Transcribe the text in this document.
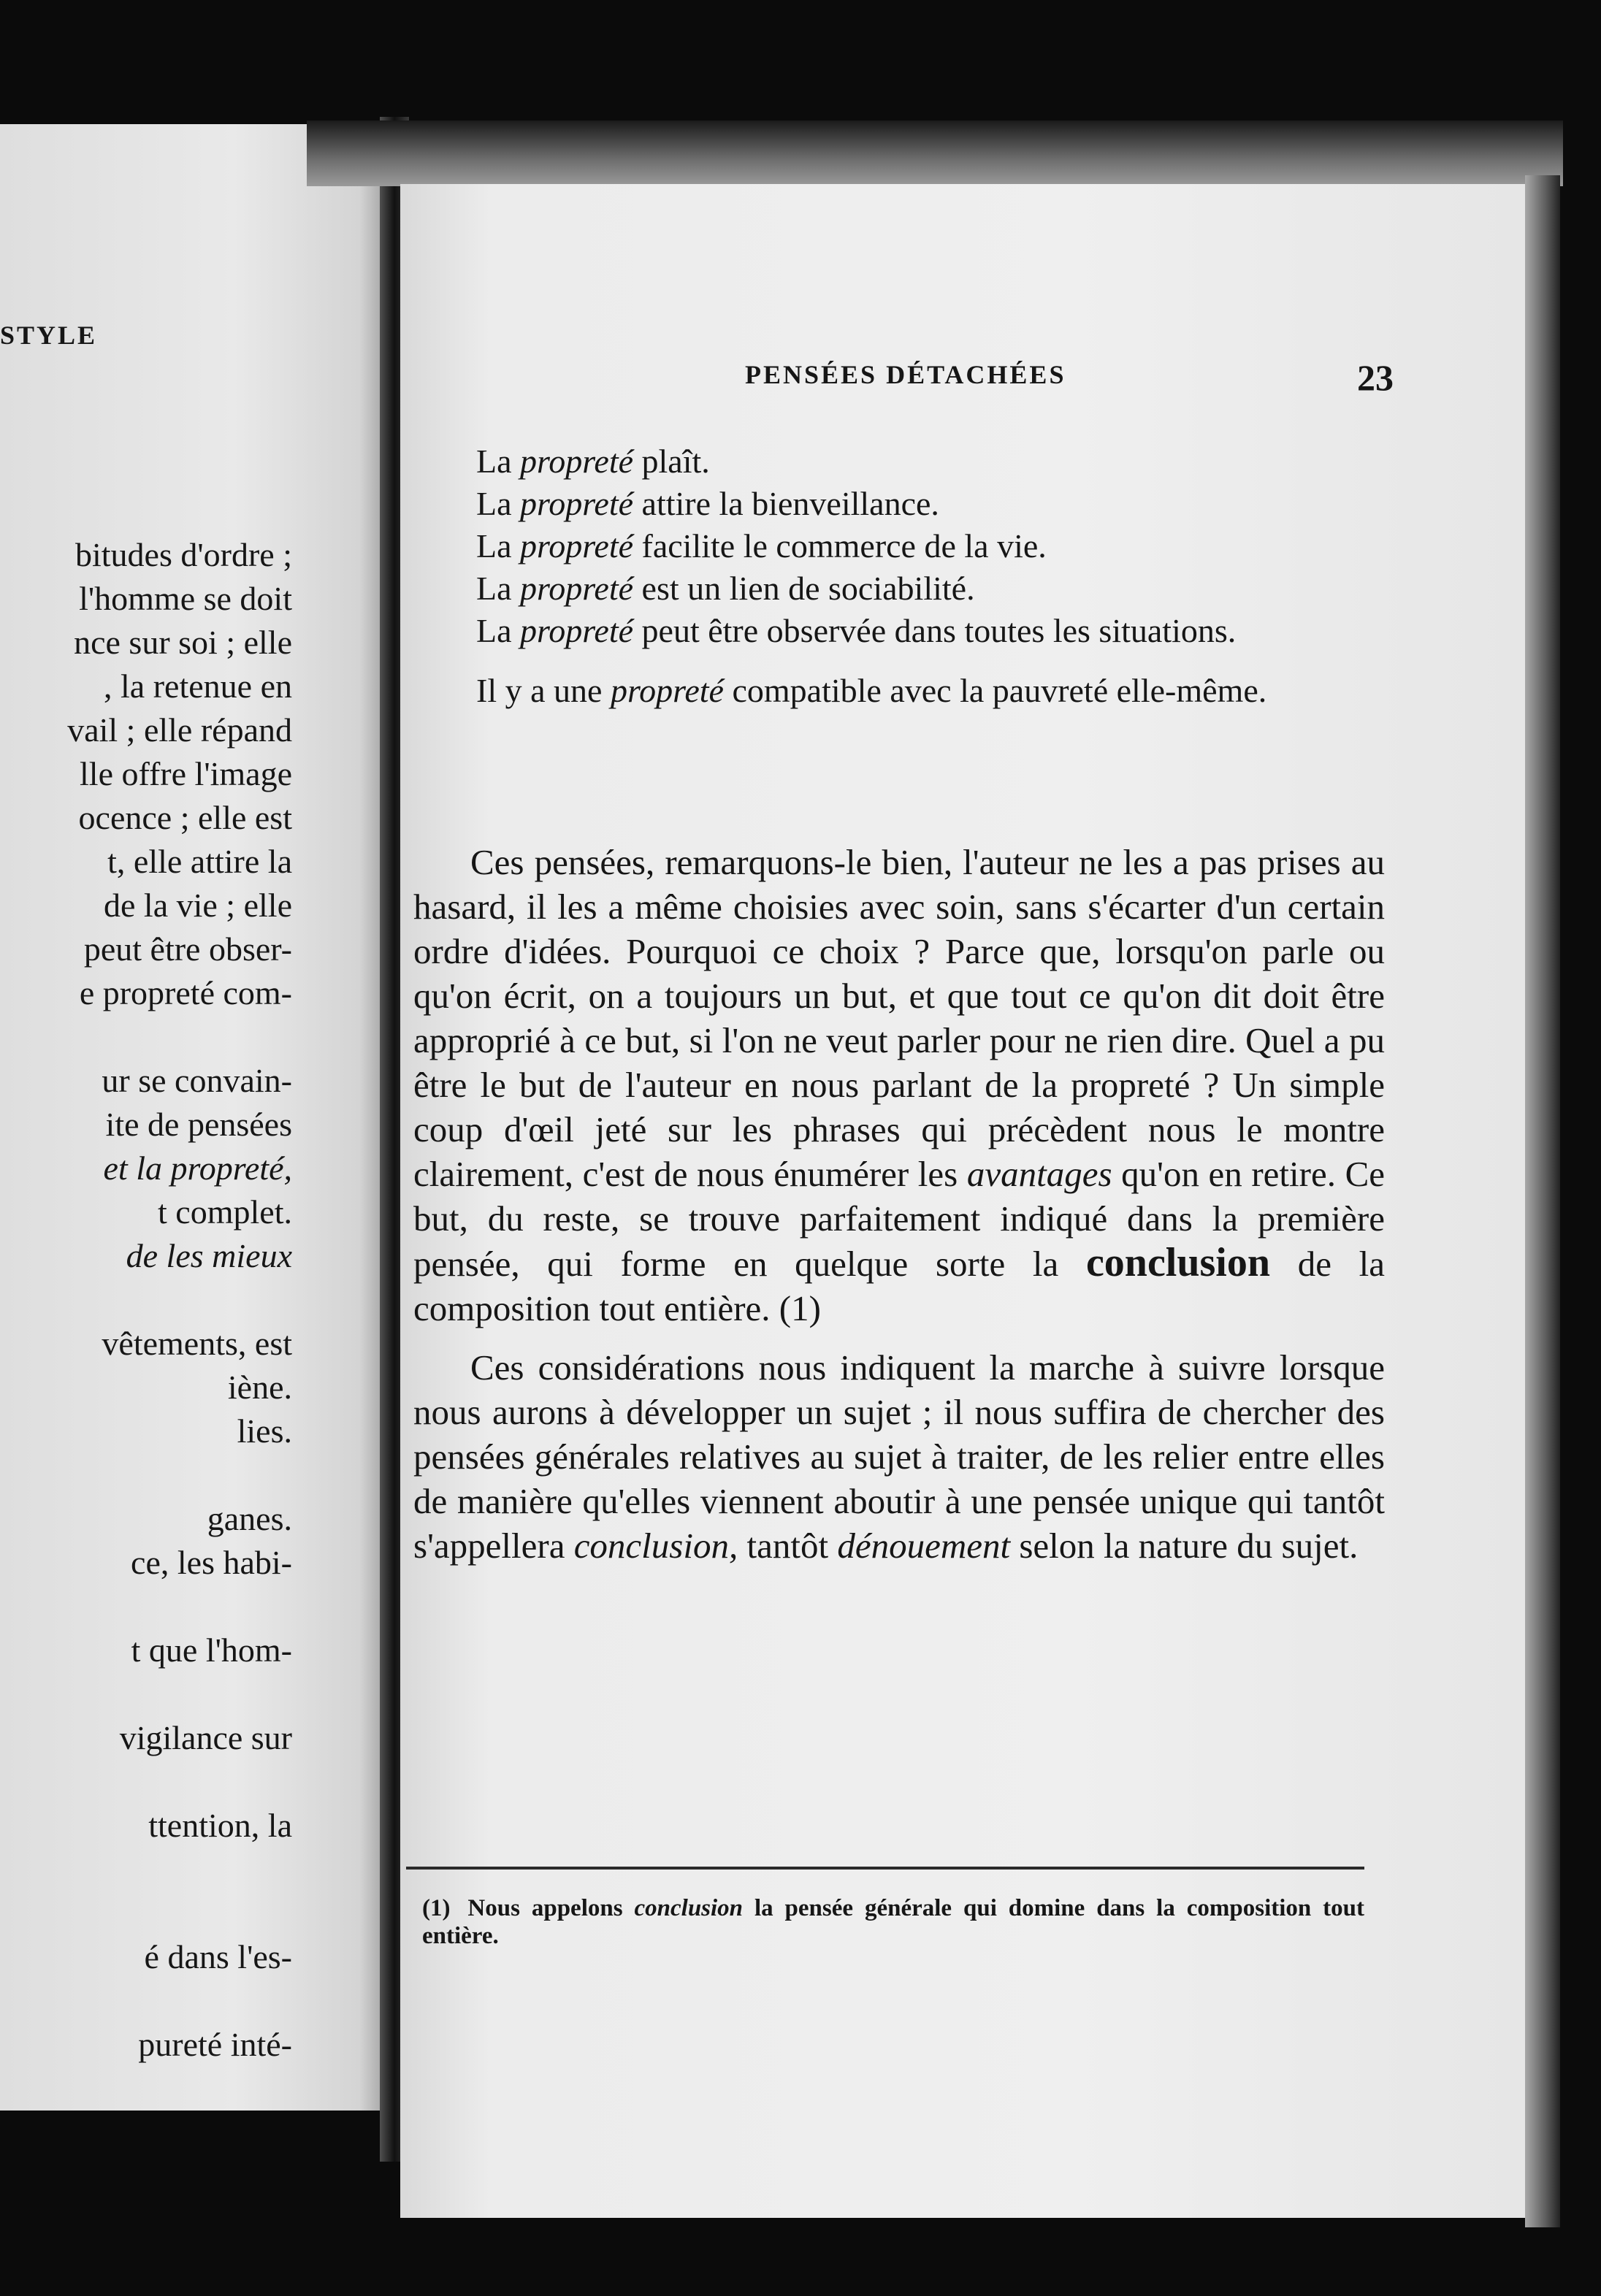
STYLE
bitudes d'ordre ;
l'homme se doit
nce sur soi ; elle
, la retenue en
vail ; elle répand
lle offre l'image
ocence ; elle est
t, elle attire la
de la vie ; elle
peut être obser-
e propreté com-
ur se convain-
ite de pensées
et la propreté,
t complet.
de les mieux
vêtements, est
iène.
lies.
ganes.
ce, les habi-
t que l'hom-
vigilance sur
ttention, la
é dans l'es-
pureté inté-
PENSÉES DÉTACHÉES	23

La propreté plaît.

La propreté attire la bienveillance.

La propreté facilite le commerce de la vie.

La propreté est un lien de sociabilité.

La propreté peut être observée dans toutes les situations.

Il y a une propreté compatible avec la pauvreté elle-même.

Ces pensées, remarquons-le bien, l'auteur ne les a pas prises au hasard, il les a même choisies avec soin, sans s'écarter d'un certain ordre d'idées. Pourquoi ce choix ? Parce que, lorsqu'on parle ou qu'on écrit, on a toujours un but, et que tout ce qu'on dit doit être approprié à ce but, si l'on ne veut parler pour ne rien dire. Quel a pu être le but de l'auteur en nous parlant de la propreté ? Un simple coup d'œil jeté sur les phrases qui précèdent nous le montre clairement, c'est de nous énumérer les avantages qu'on en retire. Ce but, du reste, se trouve parfaitement indiqué dans la première pensée, qui forme en quelque sorte la conclusion de la composition tout entière. (1)

Ces considérations nous indiquent la marche à suivre lorsque nous aurons à développer un sujet ; il nous suffira de chercher des pensées générales relatives au sujet à traiter, de les relier entre elles de manière qu'elles viennent aboutir à une pensée unique qui tantôt s'appellera conclusion, tantôt dénouement selon la nature du sujet.

(1) Nous appelons conclusion la pensée générale qui domine dans la composition tout entière.
